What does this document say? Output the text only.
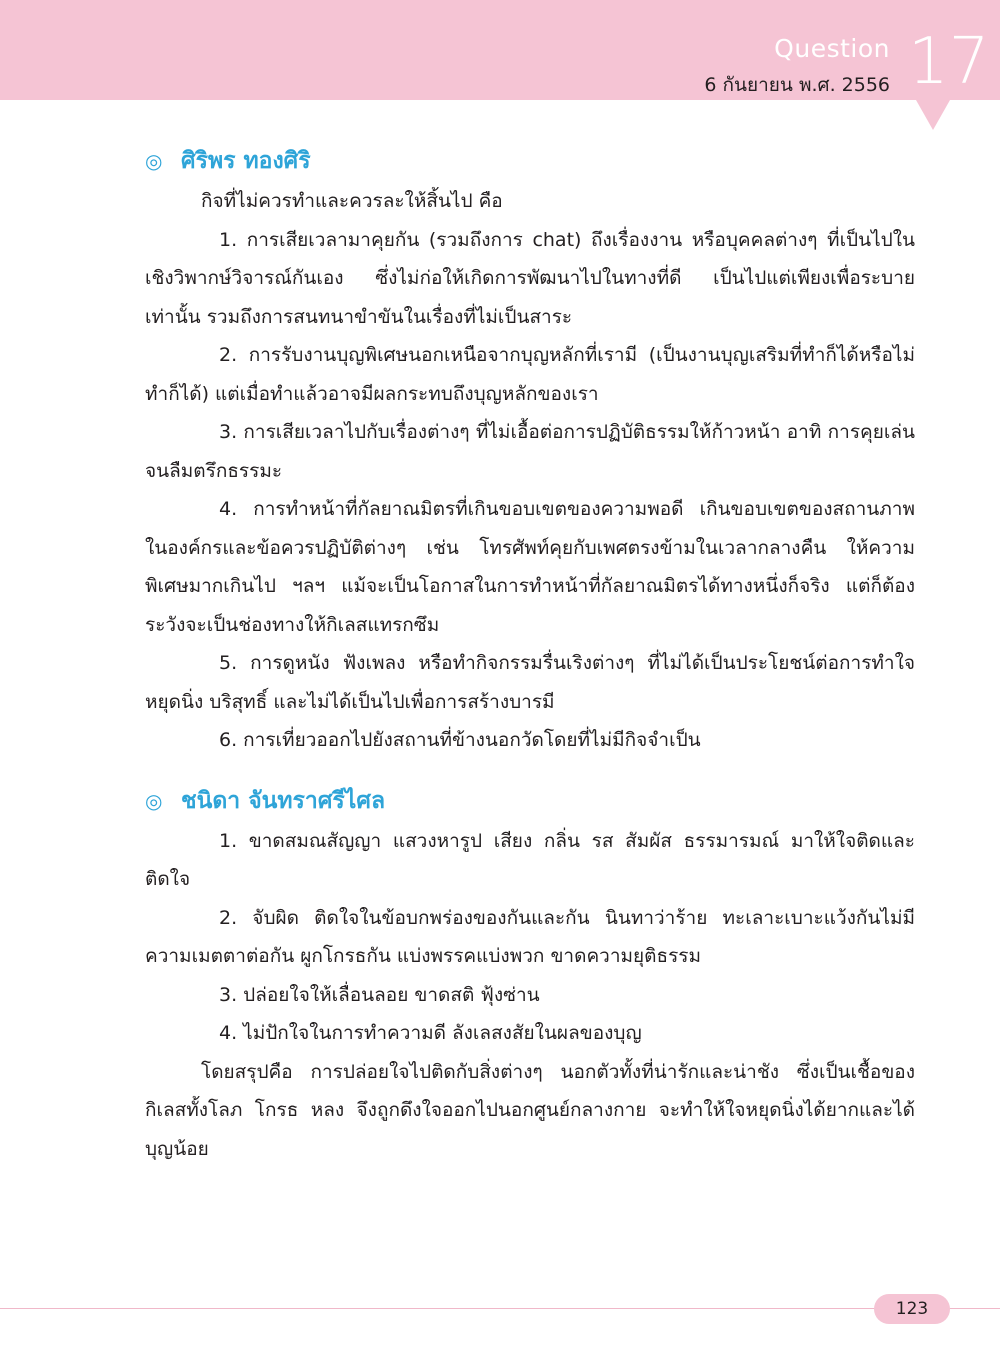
Question
6 กันยายน พ.ศ. 2556 17
◎ ศิริพร ทองศิริ

กิจที่ไม่ควรทำและควรละให้สิ้นไป คือ

1. การเสียเวลามาคุยกัน (รวมถึงการ chat) ถึงเรื่องงาน หรือบุคคลต่างๆ ที่เป็นไปในเชิงวิพากษ์วิจารณ์กันเอง ซึ่งไม่ก่อให้เกิดการพัฒนาไปในทางที่ดี เป็นไปแต่เพียงเพื่อระบายเท่านั้น รวมถึงการสนทนาขำขันในเรื่องที่ไม่เป็นสาระ

2. การรับงานบุญพิเศษนอกเหนือจากบุญหลักที่เรามี (เป็นงานบุญเสริมที่ทำก็ได้หรือไม่ทำก็ได้) แต่เมื่อทำแล้วอาจมีผลกระทบถึงบุญหลักของเรา

3. การเสียเวลาไปกับเรื่องต่างๆ ที่ไม่เอื้อต่อการปฏิบัติธรรมให้ก้าวหน้า อาทิ การคุยเล่นจนลืมตรึกธรรมะ

4. การทำหน้าที่กัลยาณมิตรที่เกินขอบเขตของความพอดี เกินขอบเขตของสถานภาพในองค์กรและข้อควรปฏิบัติต่างๆ เช่น โทรศัพท์คุยกับเพศตรงข้ามในเวลากลางคืน ให้ความพิเศษมากเกินไป ฯลฯ แม้จะเป็นโอกาสในการทำหน้าที่กัลยาณมิตรได้ทางหนึ่งก็จริง แต่ก็ต้องระวังจะเป็นช่องทางให้กิเลสแทรกซึม

5. การดูหนัง ฟังเพลง หรือทำกิจกรรมรื่นเริงต่างๆ ที่ไม่ได้เป็นประโยชน์ต่อการทำใจหยุดนิ่ง บริสุทธิ์ และไม่ได้เป็นไปเพื่อการสร้างบารมี

6. การเที่ยวออกไปยังสถานที่ข้างนอกวัดโดยที่ไม่มีกิจจำเป็น

◎ ชนิดา จันทราศรีไศล

1. ขาดสมณสัญญา แสวงหารูป เสียง กลิ่น รส สัมผัส ธรรมารมณ์ มาให้ใจติดและติดใจ

2. จับผิด ติดใจในข้อบกพร่องของกันและกัน นินทาว่าร้าย ทะเลาะเบาะแว้งกันไม่มีความเมตตาต่อกัน ผูกโกรธกัน แบ่งพรรคแบ่งพวก ขาดความยุติธรรม

3. ปล่อยใจให้เลื่อนลอย ขาดสติ ฟุ้งซ่าน

4. ไม่ปักใจในการทำความดี ลังเลสงสัยในผลของบุญ

โดยสรุปคือ การปล่อยใจไปติดกับสิ่งต่างๆ นอกตัวทั้งที่น่ารักและน่าชัง ซึ่งเป็นเชื้อของกิเลสทั้งโลภ โกรธ หลง จึงถูกดึงใจออกไปนอกศูนย์กลางกาย จะทำให้ใจหยุดนิ่งได้ยากและได้บุญน้อย

123
